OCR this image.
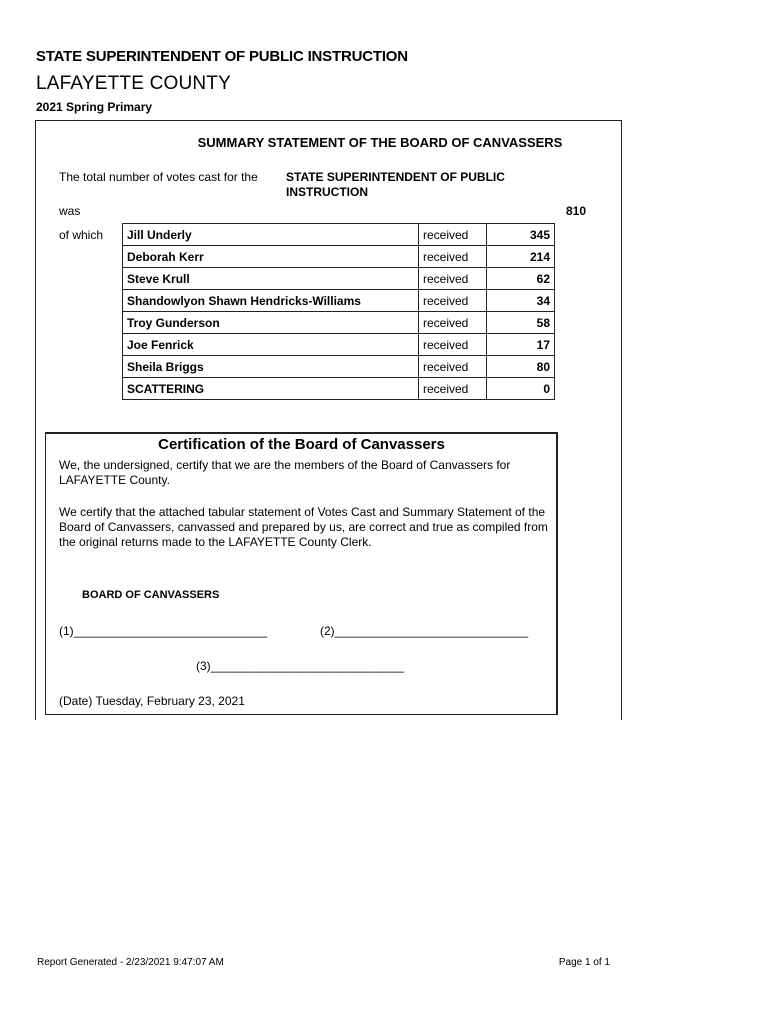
STATE SUPERINTENDENT OF PUBLIC INSTRUCTION
LAFAYETTE COUNTY
2021 Spring Primary
SUMMARY STATEMENT OF THE BOARD OF CANVASSERS
The total number of votes cast for the STATE SUPERINTENDENT OF PUBLIC INSTRUCTION
was	810
of which Jill Underly	received	345
Deborah Kerr	received	214
Steve Krull	received	62
Shandowlyon Shawn Hendricks-Williams	received	34
Troy Gunderson	received	58
Joe Fenrick	received	17
Sheila Briggs	received	80
SCATTERING	received	0
Certification of the Board of Canvassers
We, the undersigned, certify that we are the members of the Board of Canvassers for LAFAYETTE County.
We certify that the attached tabular statement of Votes Cast and Summary Statement of the Board of Canvassers, canvassed and prepared by us, are correct and true as compiled from the original returns made to the LAFAYETTE County Clerk.
BOARD OF CANVASSERS
(1)_____________________________	(2)_____________________________
(3)_____________________________
(Date) Tuesday, February 23, 2021
Report Generated - 2/23/2021 9:47:07 AM	Page 1 of 1
